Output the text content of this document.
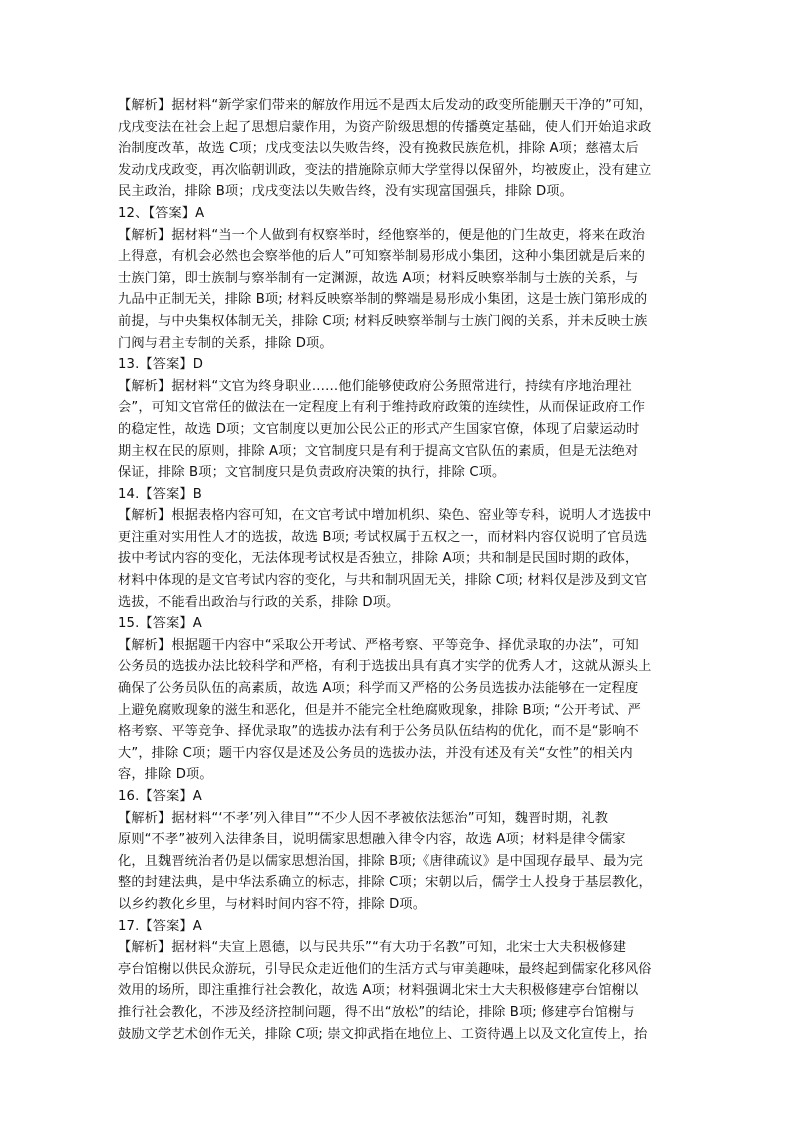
【解析】据材料“新学家们带来的解放作用远不是西太后发动的政变所能删天干净的”可知，
戊戌变法在社会上起了思想启蒙作用，为资产阶级思想的传播奠定基础，使人们开始追求政
治制度改革，故选 C项；戊戌变法以失败告终，没有挽救民族危机，排除 A项；慈禧太后
发动戊戌政变，再次临朝训政，变法的措施除京师大学堂得以保留外，均被废止，没有建立
民主政治，排除 B项；戊戌变法以失败告终，没有实现富国强兵，排除 D项。
12、【答案】A
【解析】据材料“当一个人做到有权察举时，经他察举的，便是他的门生故吏，将来在政治
上得意，有机会必然也会察举他的后人”可知察举制易形成小集团，这种小集团就是后来的
士族门第，即士族制与察举制有一定渊源，故选 A项；材料反映察举制与士族的关系，与
九品中正制无关，排除 B项; 材料反映察举制的弊端是易形成小集团，这是士族门第形成的
前提，与中央集权体制无关，排除 C项; 材料反映察举制与士族门阀的关系，并未反映士族
门阀与君主专制的关系，排除 D项。
13.【答案】D
【解析】据材料“文官为终身职业……他们能够使政府公务照常进行，持续有序地治理社
会”，可知文官常任的做法在一定程度上有利于维持政府政策的连续性，从而保证政府工作
的稳定性，故选 D项；文官制度以更加公民公正的形式产生国家官僚，体现了启蒙运动时
期主权在民的原则，排除 A项；文官制度只是有利于提高文官队伍的素质，但是无法绝对
保证，排除 B项；文官制度只是负责政府决策的执行，排除 C项。
14.【答案】B
【解析】根据表格内容可知，在文官考试中增加机织、染色、窑业等专科，说明人才选拔中
更注重对实用性人才的选拔，故选 B项; 考试权属于五权之一，而材料内容仅说明了官员选
拔中考试内容的变化，无法体现考试权是否独立，排除 A项；共和制是民国时期的政体，
材料中体现的是文官考试内容的变化，与共和制巩固无关，排除 C项; 材料仅是涉及到文官
选拔，不能看出政治与行政的关系，排除 D项。
15.【答案】A
【解析】根据题干内容中“采取公开考试、严格考察、平等竞争、择优录取的办法”，可知
公务员的选拔办法比较科学和严格，有利于选拔出具有真才实学的优秀人才，这就从源头上
确保了公务员队伍的高素质，故选 A项；科学而又严格的公务员选拔办法能够在一定程度
上避免腐败现象的滋生和恶化，但是并不能完全杜绝腐败现象，排除 B项; “公开考试、严
格考察、平等竞争、择优录取”的选拔办法有利于公务员队伍结构的优化，而不是“影响不
大”，排除 C项；题干内容仅是述及公务员的选拔办法，并没有述及有关“女性”的相关内
容，排除 D项。
16.【答案】A
【解析】据材料“‘不孝’列入律目”“不少人因不孝被依法惩治”可知，魏晋时期，礼教
原则“不孝”被列入法律条目，说明儒家思想融入律令内容，故选 A项；材料是律令儒家
化，且魏晋统治者仍是以儒家思想治国，排除 B项;《唐律疏议》是中国现存最早、最为完
整的封建法典，是中华法系确立的标志，排除 C项；宋朝以后，儒学士人投身于基层教化，
以乡约教化乡里，与材料时间内容不符，排除 D项。
17.【答案】A
【解析】据材料“夫宣上恩德，以与民共乐”“有大功于名教”可知，北宋士大夫积极修建
亭台馆榭以供民众游玩，引导民众走近他们的生活方式与审美趣味，最终起到儒家化移风俗
效用的场所，即注重推行社会教化，故选 A项；材料强调北宋士大夫积极修建亭台馆榭以
推行社会教化，不涉及经济控制问题，得不出“放松”的结论，排除 B项; 修建亭台馆榭与
鼓励文学艺术创作无关，排除 C项; 崇文抑武指在地位上、工资待遇上以及文化宣传上，抬
